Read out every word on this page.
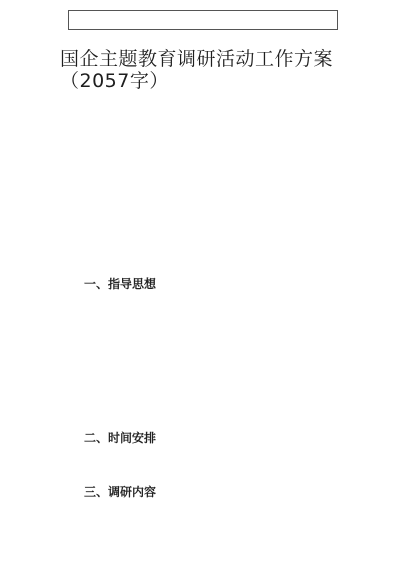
国企主题教育调研活动工作方案（2057字）

一、指导思想

二、时间安排

三、调研内容
